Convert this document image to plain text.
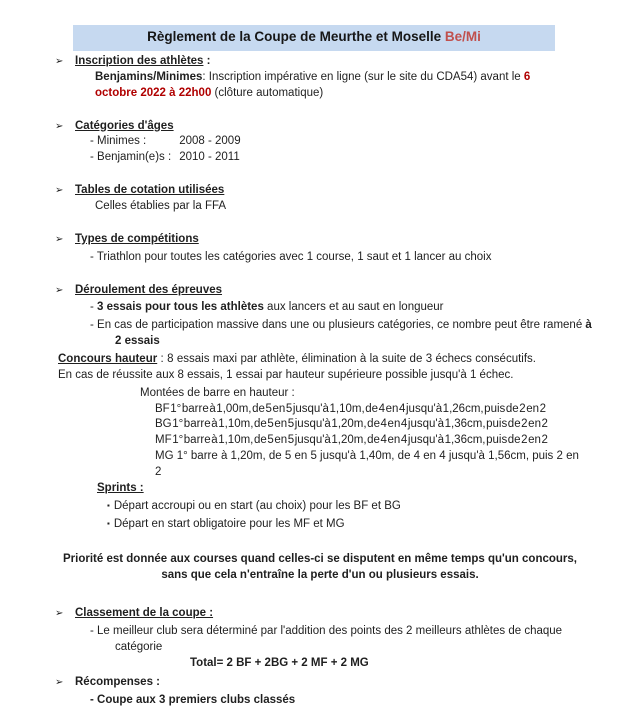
Règlement de la Coupe de Meurthe et Moselle Be/Mi
➢	Inscription des athlètes :
Benjamins/Minimes: Inscription impérative en ligne (sur le site du CDA54) avant le 6 octobre 2022 à 22h00 (clôture automatique)
➢	Catégories d'âges
- Minimes :	2008 - 2009
- Benjamin(e)s : 2010 - 2011
➢	Tables de cotation utilisées
Celles établies par la FFA
➢	Types de compétitions
- Triathlon pour toutes les catégories avec 1 course, 1 saut et 1 lancer au choix
➢	Déroulement des épreuves
- 3 essais pour tous les athlètes aux lancers et au saut en longueur
- En cas de participation massive dans une ou plusieurs catégories, ce nombre peut être ramené à 2 essais
Concours hauteur : 8 essais maxi par athlète, élimination à la suite de 3 échecs consécutifs. En cas de réussite aux 8 essais, 1 essai par hauteur supérieure possible jusqu'à 1 échec.
Montées de barre en hauteur :
BF 1° barre à 1,00m, de 5 en 5 jusqu'à 1,10m, de 4 en 4 jusqu'à 1,26cm, puis de 2 en 2
BG 1° barre à 1,10m, de 5 en 5 jusqu'à 1,20m, de 4 en 4 jusqu'à 1,36cm, puis de 2 en 2
MF 1° barre à 1,10m, de 5 en 5 jusqu'à 1,20m, de 4 en 4 jusqu'à 1,36cm, puis de 2 en 2
MG 1° barre à 1,20m, de 5 en 5 jusqu'à 1,40m, de 4 en 4 jusqu'à 1,56cm, puis 2 en 2
Sprints :
▪ Départ accroupi ou en start (au choix) pour les BF et BG
▪ Départ en start obligatoire pour les MF et MG
Priorité est donnée aux courses quand celles-ci se disputent en même temps qu'un concours, sans que cela n'entraîne la perte d'un ou plusieurs essais.
➢	Classement de la coupe :
- Le meilleur club sera déterminé par l'addition des points des 2 meilleurs athlètes de chaque catégorie
Total= 2 BF + 2BG + 2 MF + 2 MG
➢	Récompenses :
- Coupe aux 3 premiers clubs classés
